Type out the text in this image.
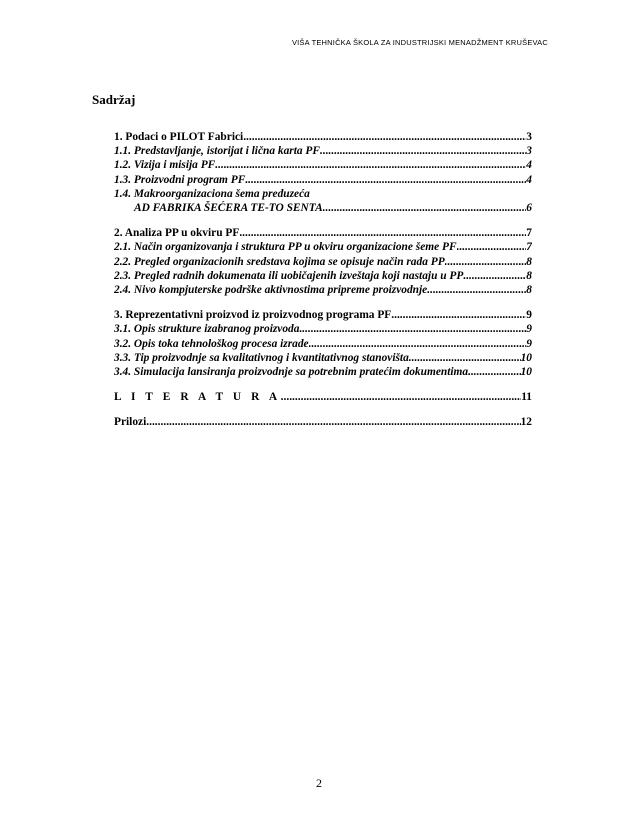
VIŠA TEHNIČKA ŠKOLA ZA INDUSTRIJSKI MENADŽMENT KRUŠEVAC
Sadržaj
1. Podaci o PILOT Fabrici .....	3
1.1. Predstavljanje, istorijat i lična karta PF .....	3
1.2. Vizija i misija PF .....	4
1.3. Proizvodni program PF .....	4
1.4. Makroorganizaciona šema preduzeća
AD FABRIKA ŠEĆERA TE-TO SENTA .....	6
2. Analiza PP u okviru PF .....	7
2.1. Način organizovanja i struktura PP u okviru organizacione šeme PF .....	7
2.2. Pregled organizacionih sredstava kojima se opisuje način rada PP .....	8
2.3. Pregled radnih dokumenata ili uobičajenih izveštaja koji nastaju u PP .....	8
2.4. Nivo kompjuterske podrške aktivnostima pripreme proizvodnje .....	8
3. Reprezentativni proizvod iz proizvodnog programa PF .....	9
3.1. Opis strukture izabranog proizvoda .....	9
3.2. Opis toka tehnološkog procesa izrade .....	9
3.3. Tip proizvodnje sa kvalitativnog i kvantitativnog stanovišta .....	10
3.4. Simulacija lansiranja proizvodnje sa potrebnim pratećim dokumentima .....	10
L I T E R A T U R A .....	11
Prilozi .....	12
2
